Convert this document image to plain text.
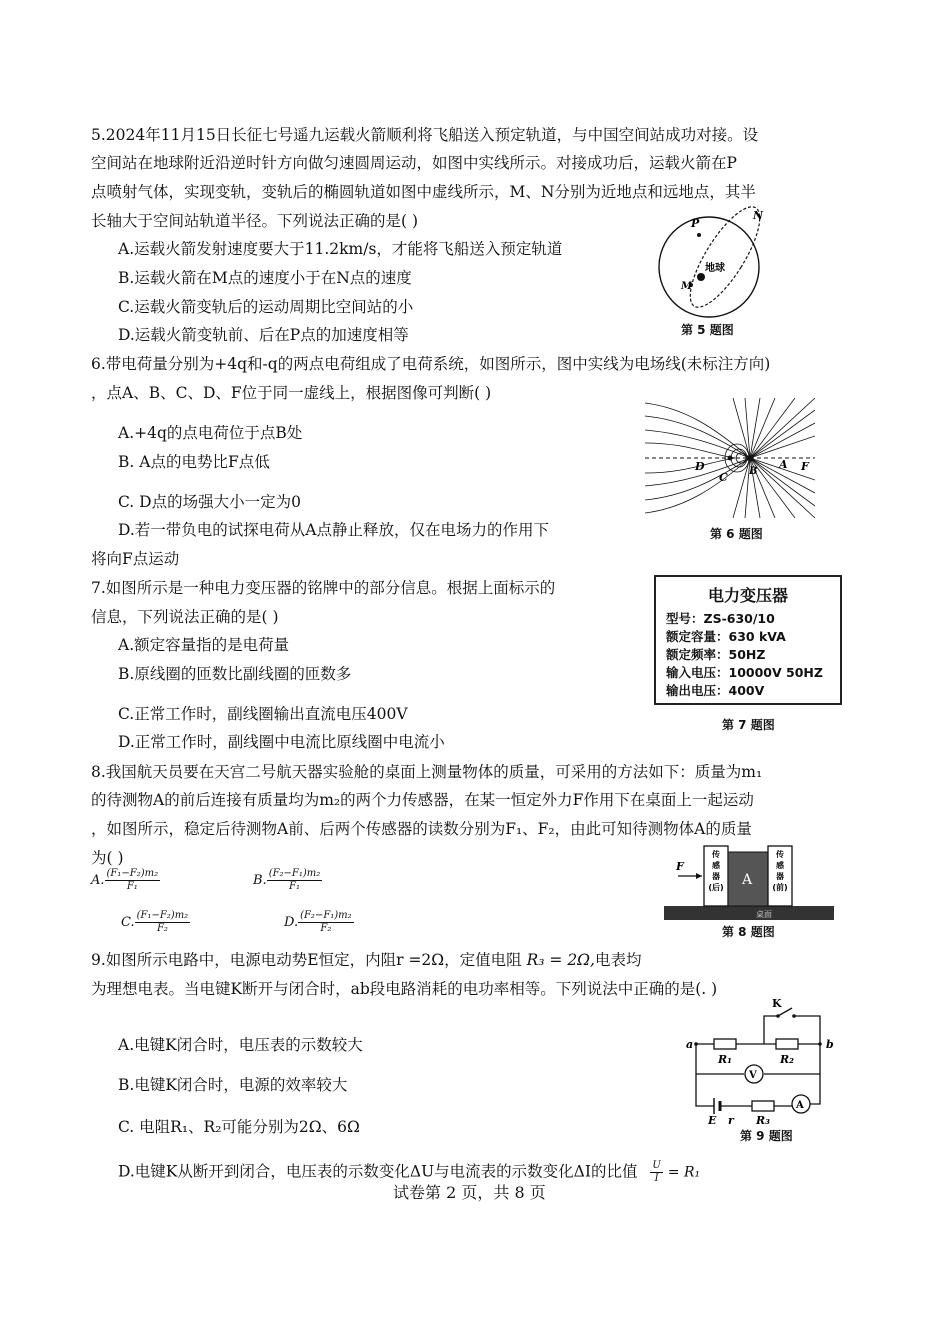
5.2024年11月15日长征七号遥九运载火箭顺利将飞船送入预定轨道，与中国空间站成功对接。设
空间站在地球附近沿逆时针方向做匀速圆周运动，如图中实线所示。对接成功后，运载火箭在P
点喷射气体，实现变轨，变轨后的椭圆轨道如图中虚线所示，M、N分别为近地点和远地点，其半
长轴大于空间站轨道半径。下列说法正确的是( )
A.运载火箭发射速度要大于11.2km/s，才能将飞船送入预定轨道
B.运载火箭在M点的速度小于在N点的速度
C.运载火箭变轨后的运动周期比空间站的小
D.运载火箭变轨前、后在P点的加速度相等
P
N
M
地球
第 5 题图
6.带电荷量分别为+4q和-q的两点电荷组成了电荷系统，如图所示，图中实线为电场线(未标注方向)
，点A、B、C、D、F位于同一虚线上，根据图像可判断( )
A.+4q的点电荷位于点B处
B. A点的电势比F点低
C. D点的场强大小一定为0
D.若一带负电的试探电荷从A点静止释放，仅在电场力的作用下
将向F点运动
D
C B
A F
第 6 题图
7.如图所示是一种电力变压器的铭牌中的部分信息。根据上面标示的
信息，下列说法正确的是( )
A.额定容量指的是电荷量
B.原线圈的匝数比副线圈的匝数多
C.正常工作时，副线圈输出直流电压400V
D.正常工作时，副线圈中电流比原线圈中电流小
电力变压器
型号：ZS-630/10
额定容量：630 kVA
额定频率：50HZ
输入电压：10000V 50HZ
输出电压：400V
第 7 题图
8.我国航天员要在天宫二号航天器实验舱的桌面上测量物体的质量，可采用的方法如下：质量为m₁
的待测物A的前后连接有质量均为m₂的两个力传感器，在某一恒定外力F作用下在桌面上一起运动
，如图所示，稳定后待测物A前、后两个传感器的读数分别为F₁、F₂，由此可知待测物体A的质量
为( )
A. $\frac{\text{(F₁−F₂)m₂}}{\text{F₁}}$	B. $\frac{\text{(F₂−F₁)m₂}}{\text{F₁}}$
C. $\frac{\text{(F₁−F₂)m₂}}{\text{F₂}}$	D. $\frac{\text{(F₂−F₁)m₂}}{\text{F₂}}$	桌面
A
传
感
器
(后)
传
感
器
(前)
F
第 8 题图
9.如图所示电路中，电源电动势E恒定，内阻r =2Ω，定值电阻 R₃ = 2Ω,电表均
为理想电表。当电键K断开与闭合时，ab段电路消耗的电功率相等。下列说法中正确的是(. )
A.电键K闭合时，电压表的示数较大
B.电键K闭合时，电源的效率较大
C. 电阻R₁、R₂可能分别为2Ω、6Ω
D.电键K从断开到闭合，电压表的示数变化ΔU与电流表的示数变化ΔI的比值 $\frac{U}{I} = R_1$
K
a	b
R₁	R₂
V
E r R₃
A
第 9 题图
试卷第 2 页，共 8 页
